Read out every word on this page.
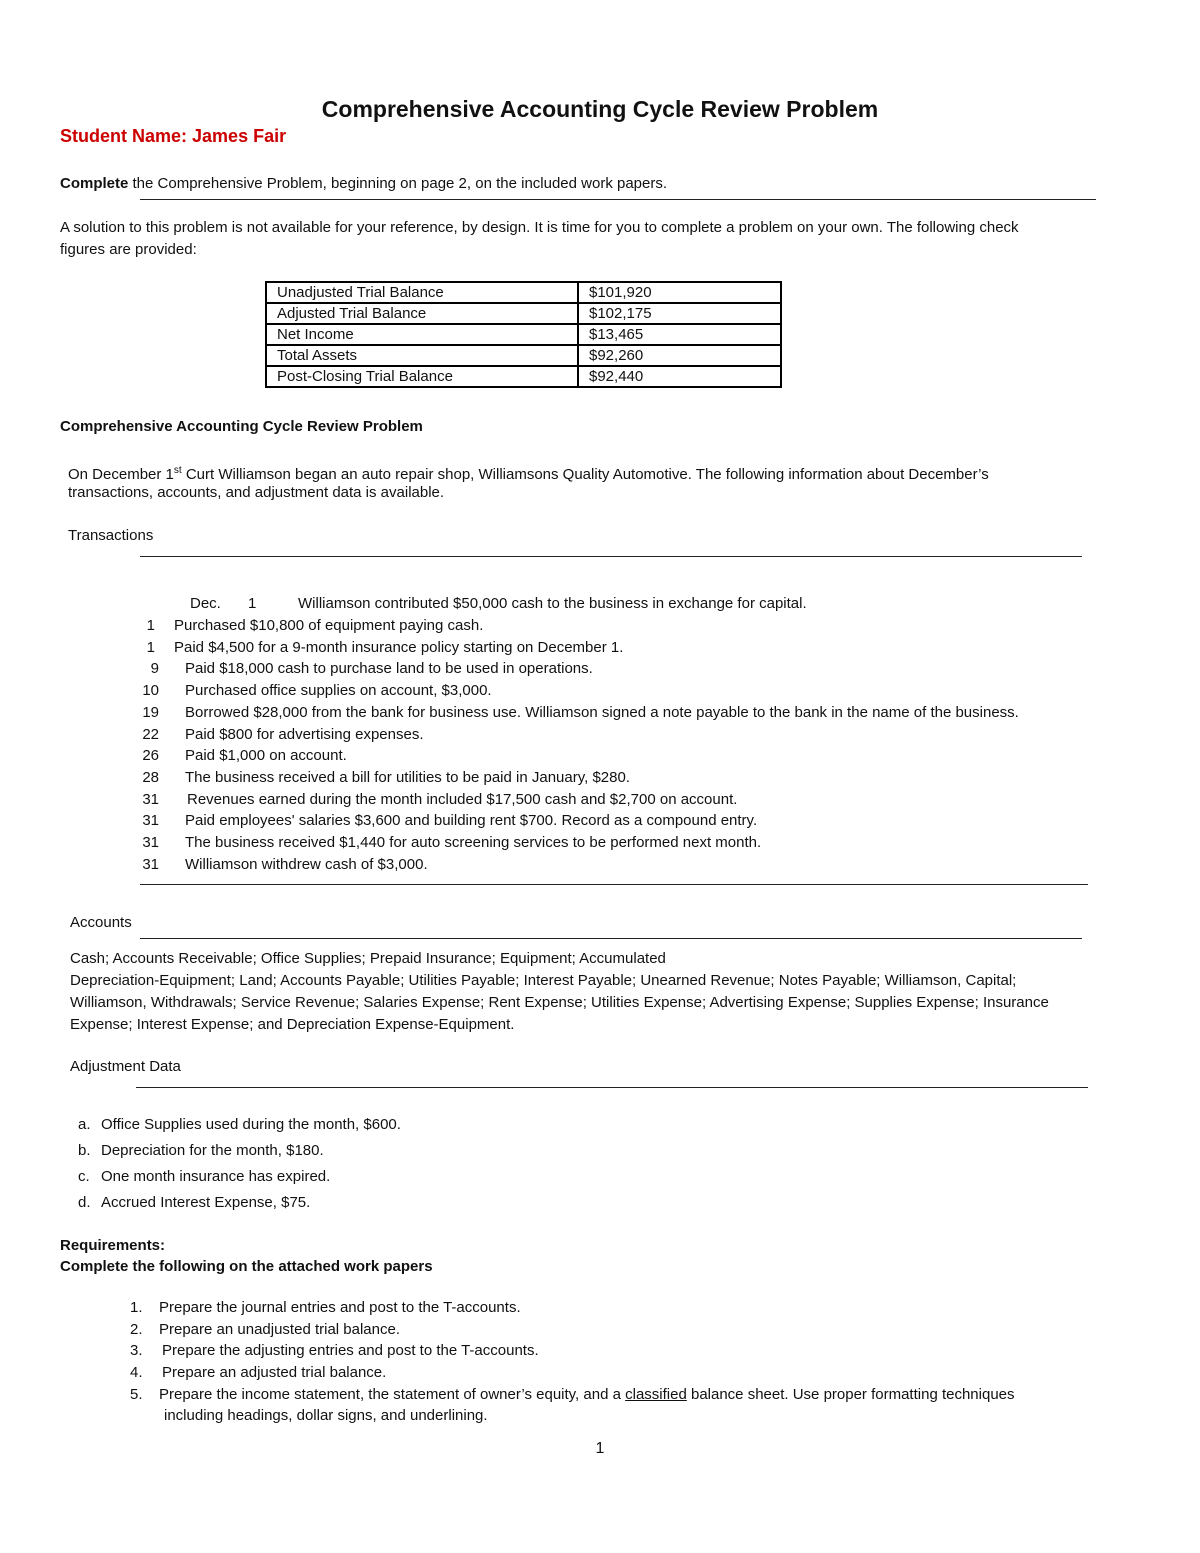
Comprehensive Accounting Cycle Review Problem
Student Name: James Fair
Complete the Comprehensive Problem, beginning on page 2, on the included work papers.
A solution to this problem is not available for your reference, by design. It is time for you to complete a problem on your own. The following check
figures are provided:
Unadjusted Trial Balance	$101,920
Adjusted Trial Balance	$102,175
Net Income	$13,465
Total Assets	$92,260
Post-Closing Trial Balance	$92,440
Comprehensive Accounting Cycle Review Problem
On December 1st Curt Williamson began an auto repair shop, Williamsons Quality Automotive. The following information about December’s
transactions, accounts, and adjustment data is available.
Transactions
Dec. 1	Williamson contributed $50,000 cash to the business in exchange for capital.
1 Purchased $10,800 of equipment paying cash.
1 Paid $4,500 for a 9-month insurance policy starting on December 1.
9 Paid $18,000 cash to purchase land to be used in operations.
10 Purchased office supplies on account, $3,000.
19 Borrowed $28,000 from the bank for business use. Williamson signed a note payable to the bank in the name of the business.
22 Paid $800 for advertising expenses.
26 Paid $1,000 on account.
28 The business received a bill for utilities to be paid in January, $280.
31 Revenues earned during the month included $17,500 cash and $2,700 on account.
31 Paid employees' salaries $3,600 and building rent $700. Record as a compound entry.
31 The business received $1,440 for auto screening services to be performed next month.
31 Williamson withdrew cash of $3,000.
Accounts
Cash; Accounts Receivable; Office Supplies; Prepaid Insurance; Equipment; Accumulated
Depreciation-Equipment; Land; Accounts Payable; Utilities Payable; Interest Payable; Unearned Revenue; Notes Payable; Williamson, Capital;
Williamson, Withdrawals; Service Revenue; Salaries Expense; Rent Expense; Utilities Expense; Advertising Expense; Supplies Expense; Insurance
Expense; Interest Expense; and Depreciation Expense-Equipment.
Adjustment Data
a. Office Supplies used during the month, $600.
b. Depreciation for the month, $180.
c. One month insurance has expired.
d. Accrued Interest Expense, $75.
Requirements:
Complete the following on the attached work papers
1. Prepare the journal entries and post to the T-accounts.
2. Prepare an unadjusted trial balance.
3. Prepare the adjusting entries and post to the T-accounts.
4. Prepare an adjusted trial balance.
5. Prepare the income statement, the statement of owner’s equity, and a classified balance sheet. Use proper formatting techniques
including headings, dollar signs, and underlining.
1
